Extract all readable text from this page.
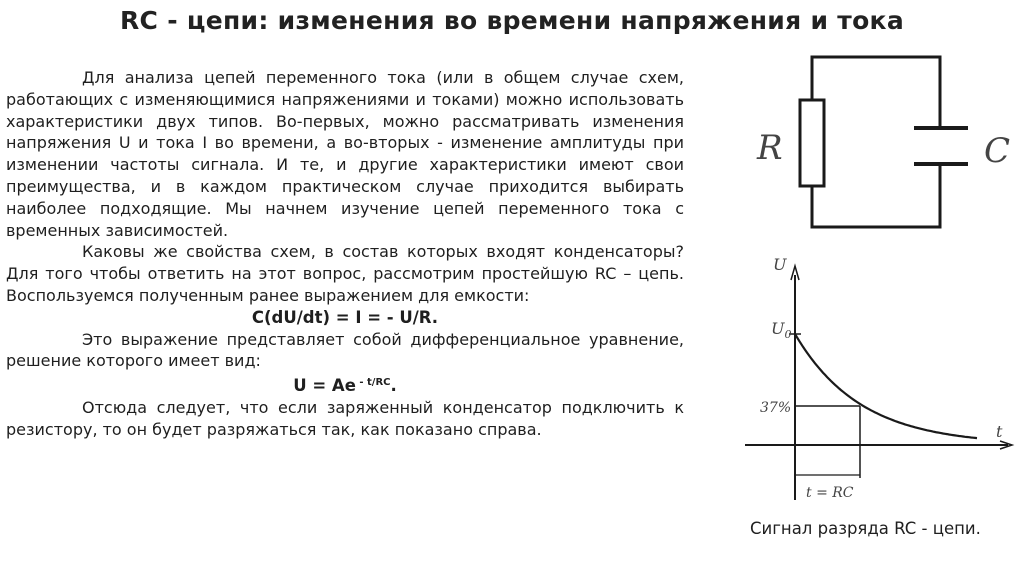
RC - цепи: изменения во времени напряжения и тока

Для анализа цепей переменного тока (или в общем случае схем, работающих с изменяющимися напряжениями и токами) можно использовать характеристики двух типов. Во-первых, можно рассматривать изменения напряжения U и тока I во времени, а во-вторых - изменение амплитуды при изменении частоты сигнала. И те, и другие характеристики имеют свои преимущества, и в каждом практическом случае приходится выбирать наиболее подходящие. Мы начнем изучение цепей переменного тока с временных зависимостей.

Каковы же свойства схем, в состав которых входят конденсаторы? Для того чтобы ответить на этот вопрос, рассмотрим простейшую RC – цепь. Воспользуемся полученным ранее выражением для емкости:

C(dU/dt) = I = - U/R.

Это выражение представляет собой дифференциальное уравнение, решение которого имеет вид:

U = Ae $^{- t/RC}$.

Отсюда следует, что если заряженный конденсатор подключить к резистору, то он будет разряжаться так, как показано справа.

R	C
U
t
$U_0$
37%
t = RC
Сигнал разряда RC - цепи.
